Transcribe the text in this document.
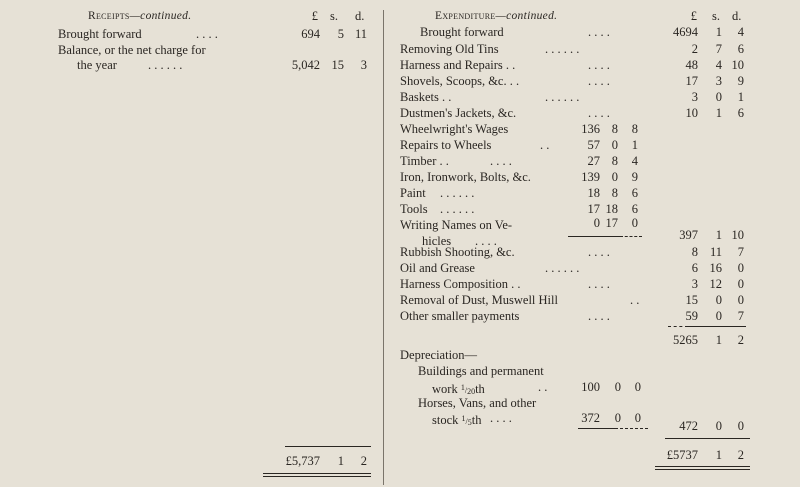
Receipts—continued.	£ s. d.
Brought forward	. . . .	694	5 11
Balance, or the net charge for
the year . . . . . .	5,042 15	3
£5,737	1	2
Expenditure—continued.	£ s. d.
Brought forward	. . . .	4694	1	4
Removing Old Tins	. . . . . .	2	7	6
Harness and Repairs . .	. . . .	48	4 10
Shovels, Scoops, &c. . .	. . . .	17	3	9
Baskets . .	. . . . . .	3	0	1
Dustmen's Jackets, &c.	. . . .	10	1	6
Wheelwright's Wages	136 8	8
Repairs to Wheels	. .	57 0	1
Timber . .	. . . .	27 8	4
Iron, Ironwork, Bolts, &c.	139 0	9
Paint . . . . . .	18 8	6
Tools . . . . . .	17 18	6
Writing Names on Ve-
hicles . . . .
0 17	0
397	1 10
Rubbish Shooting, &c.	. . . .	8 11	7
Oil and Grease	. . . . . .	6 16	0
Harness Composition . .	. . . .	3 12	0
Removal of Dust, Muswell Hill	. .	15	0	0
Other smaller payments	. . . .	59	0	7
5265	1	2
Depreciation—
Buildings and permanent
work $^1$/20th	. .	100	0	0
Horses, Vans, and other
stock $^1$/5th . . . .	372	0	0
472	0	0
£5737	1	2
